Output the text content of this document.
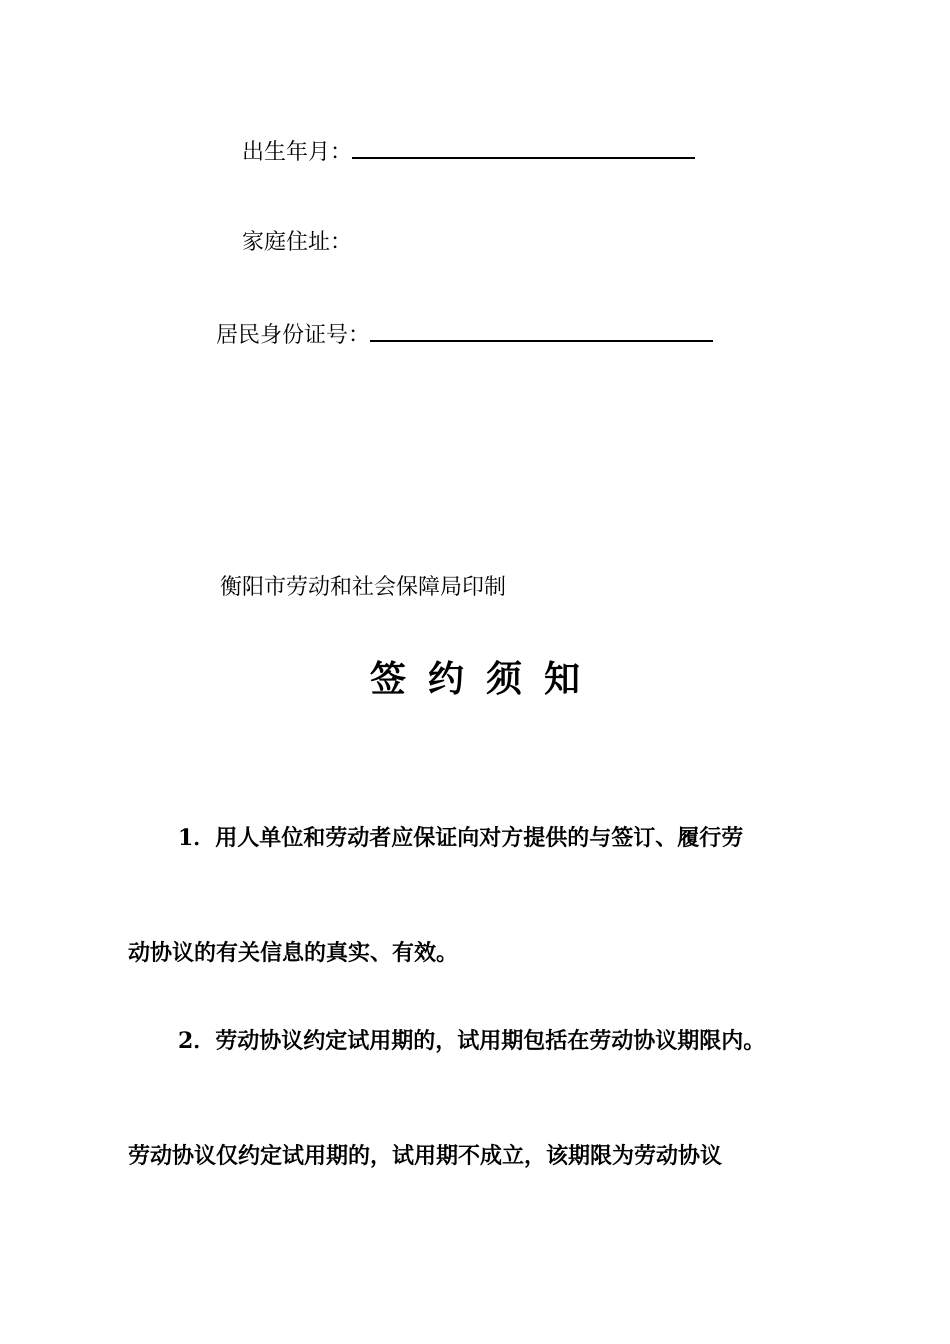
出生年月：
家庭住址：
居民身份证号：
衡阳市劳动和社会保障局印制
签约须知
1．用人单位和劳动者应保证向对方提供的与签订、履行劳
动协议的有关信息的真实、有效。
2．劳动协议约定试用期的，试用期包括在劳动协议期限内。
劳动协议仅约定试用期的，试用期不成立，该期限为劳动协议
